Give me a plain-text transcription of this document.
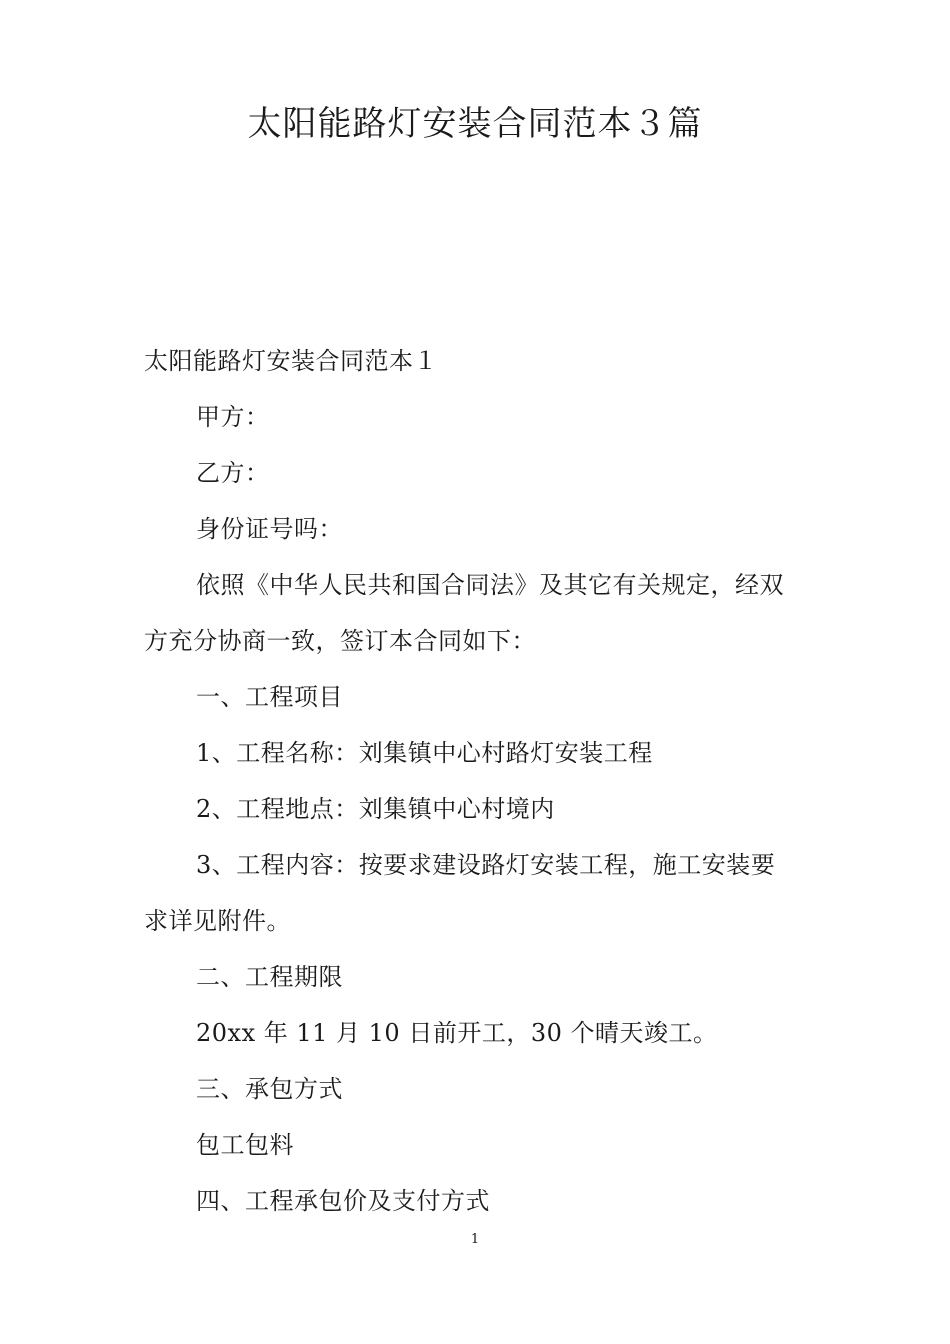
太阳能路灯安装合同范本３篇
太阳能路灯安装合同范本１
甲方：
乙方：
身份证号吗：
依照《中华人民共和国合同法》及其它有关规定，经双
方充分协商一致，签订本合同如下：
一、工程项目
1、工程名称：刘集镇中心村路灯安装工程
2、工程地点：刘集镇中心村境内
3、工程内容：按要求建设路灯安装工程，施工安装要
求详见附件。
二、工程期限
20xx 年 11 月 10 日前开工，30 个晴天竣工。
三、承包方式
包工包料
四、工程承包价及支付方式
1
